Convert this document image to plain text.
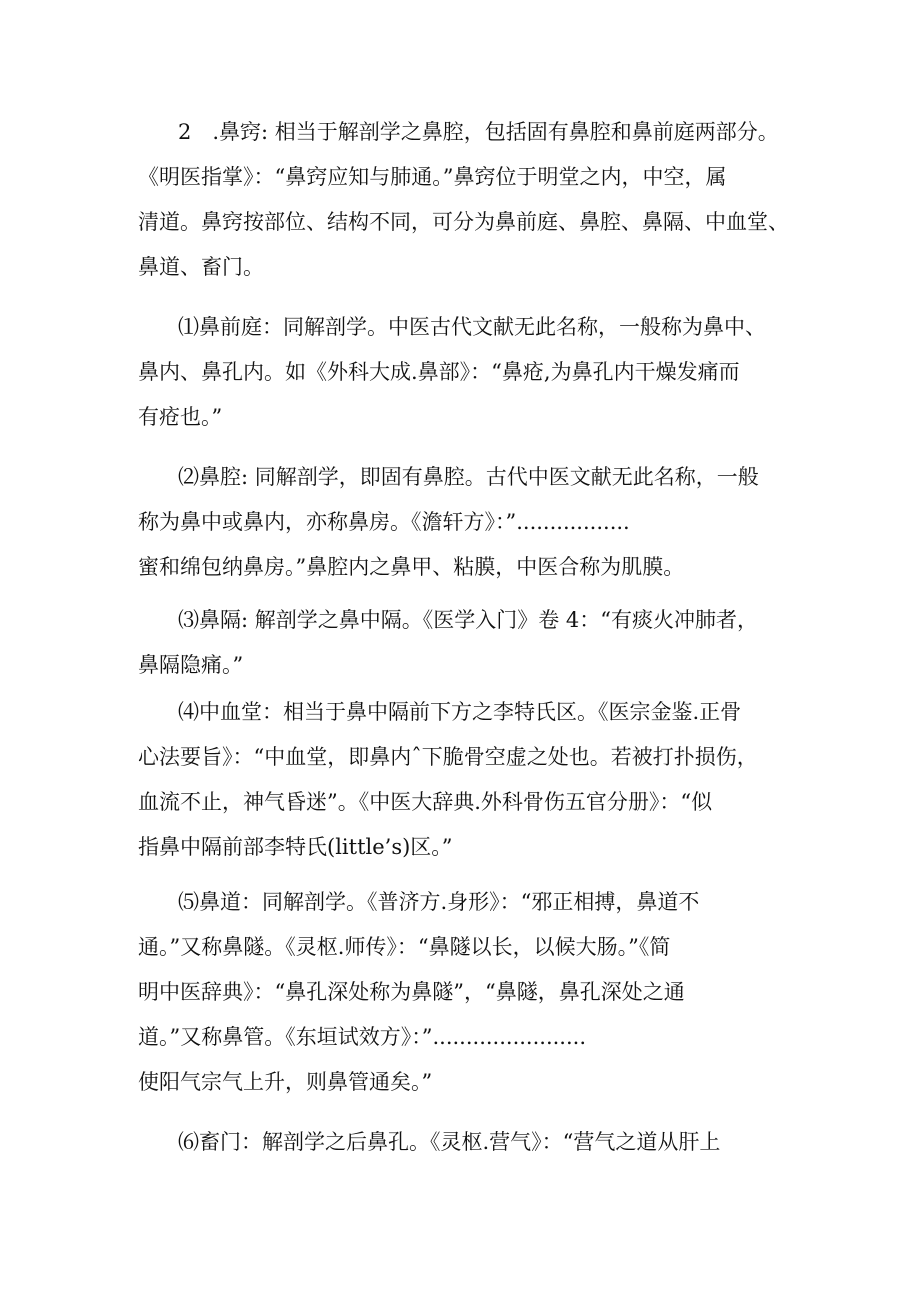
2　.鼻窍: 相当于解剖学之鼻腔，包括固有鼻腔和鼻前庭两部分。
《明医指掌》：“鼻窍应知与肺通。”鼻窍位于明堂之内，中空，属
清道。鼻窍按部位、结构不同，可分为鼻前庭、鼻腔、鼻隔、中血堂、
鼻道、畜门。
⑴鼻前庭：同解剖学。中医古代文献无此名称，一般称为鼻中、
鼻内、鼻孔内。如《外科大成.鼻部》：“鼻疮,为鼻孔内干燥发痛而
有疮也。”
⑵鼻腔: 同解剖学，即固有鼻腔。古代中医文献无此名称，一般
称为鼻中或鼻内，亦称鼻房。《澹轩方》：”.................
蜜和绵包纳鼻房。”鼻腔内之鼻甲、粘膜，中医合称为肌膜。
⑶鼻隔: 解剖学之鼻中隔。《医学入门》卷 4：“有痰火冲肺者，
鼻隔隐痛。”
⑷中血堂：相当于鼻中隔前下方之李特氏区。《医宗金鉴.正骨
心法要旨》：“中血堂，即鼻内ˆ下脆骨空虚之处也。若被打扑损伤，
血流不止，神气昏迷”。《中医大辞典.外科骨伤五官分册》：“似
指鼻中隔前部李特氏(little’s)区。”
⑸鼻道：同解剖学。《普济方.身形》：“邪正相搏，鼻道不
通。”又称鼻隧。《灵枢.师传》：“鼻隧以长，以候大肠。”《简
明中医辞典》：“鼻孔深处称为鼻隧”，“鼻隧，鼻孔深处之通
道。”又称鼻管。《东垣试效方》：”.......................
使阳气宗气上升，则鼻管通矣。”
⑹畜门：解剖学之后鼻孔。《灵枢.营气》：“营气之道从肝上
